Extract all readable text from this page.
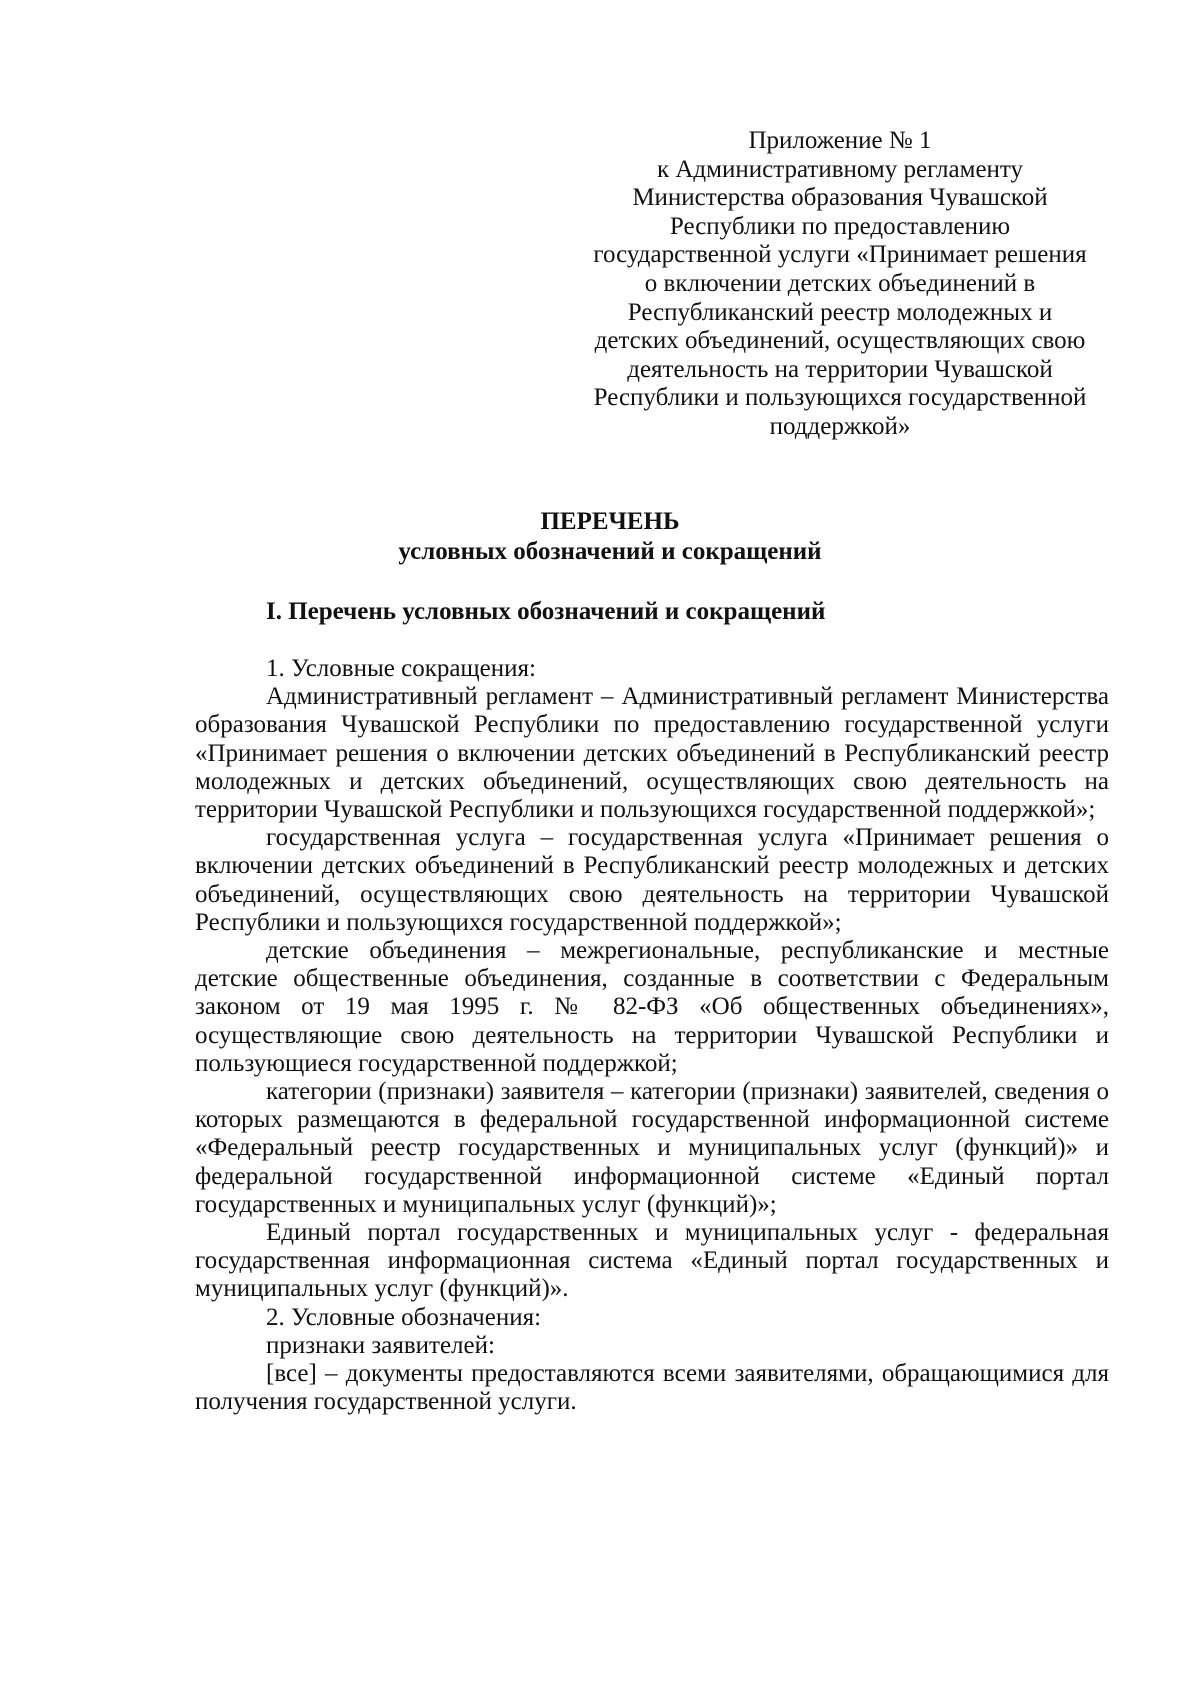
Приложение № 1
к Административному регламенту
Министерства образования Чувашской
Республики по предоставлению
государственной услуги «Принимает решения
о включении детских объединений в
Республиканский реестр молодежных и
детских объединений, осуществляющих свою
деятельность на территории Чувашской
Республики и пользующихся государственной
поддержкой»
ПЕРЕЧЕНЬ
условных обозначений и сокращений
I. Перечень условных обозначений и сокращений

1. Условные сокращения:

Административный регламент – Административный регламент Министерства образования Чувашской Республики по предоставлению государственной услуги «Принимает решения о включении детских объединений в Республиканский реестр молодежных и детских объединений, осуществляющих свою деятельность на территории Чувашской Республики и пользующихся государственной поддержкой»;

государственная услуга – государственная услуга «Принимает решения о включении детских объединений в Республиканский реестр молодежных и детских объединений, осуществляющих свою деятельность на территории Чувашской Республики и пользующихся государственной поддержкой»;

детские объединения – межрегиональные, республиканские и местные детские общественные объединения, созданные в соответствии с Федеральным законом от 19 мая 1995 г. № 82-ФЗ «Об общественных объединениях», осуществляющие свою деятельность на территории Чувашской Республики и пользующиеся государственной поддержкой;

категории (признаки) заявителя – категории (признаки) заявителей, сведения о которых размещаются в федеральной государственной информационной системе «Федеральный реестр государственных и муниципальных услуг (функций)» и федеральной государственной информационной системе «Единый портал государственных и муниципальных услуг (функций)»;

Единый портал государственных и муниципальных услуг - федеральная государственная информационная система «Единый портал государственных и муниципальных услуг (функций)».

2. Условные обозначения:

признаки заявителей:

[все] – документы предоставляются всеми заявителями, обращающимися для получения государственной услуги.
